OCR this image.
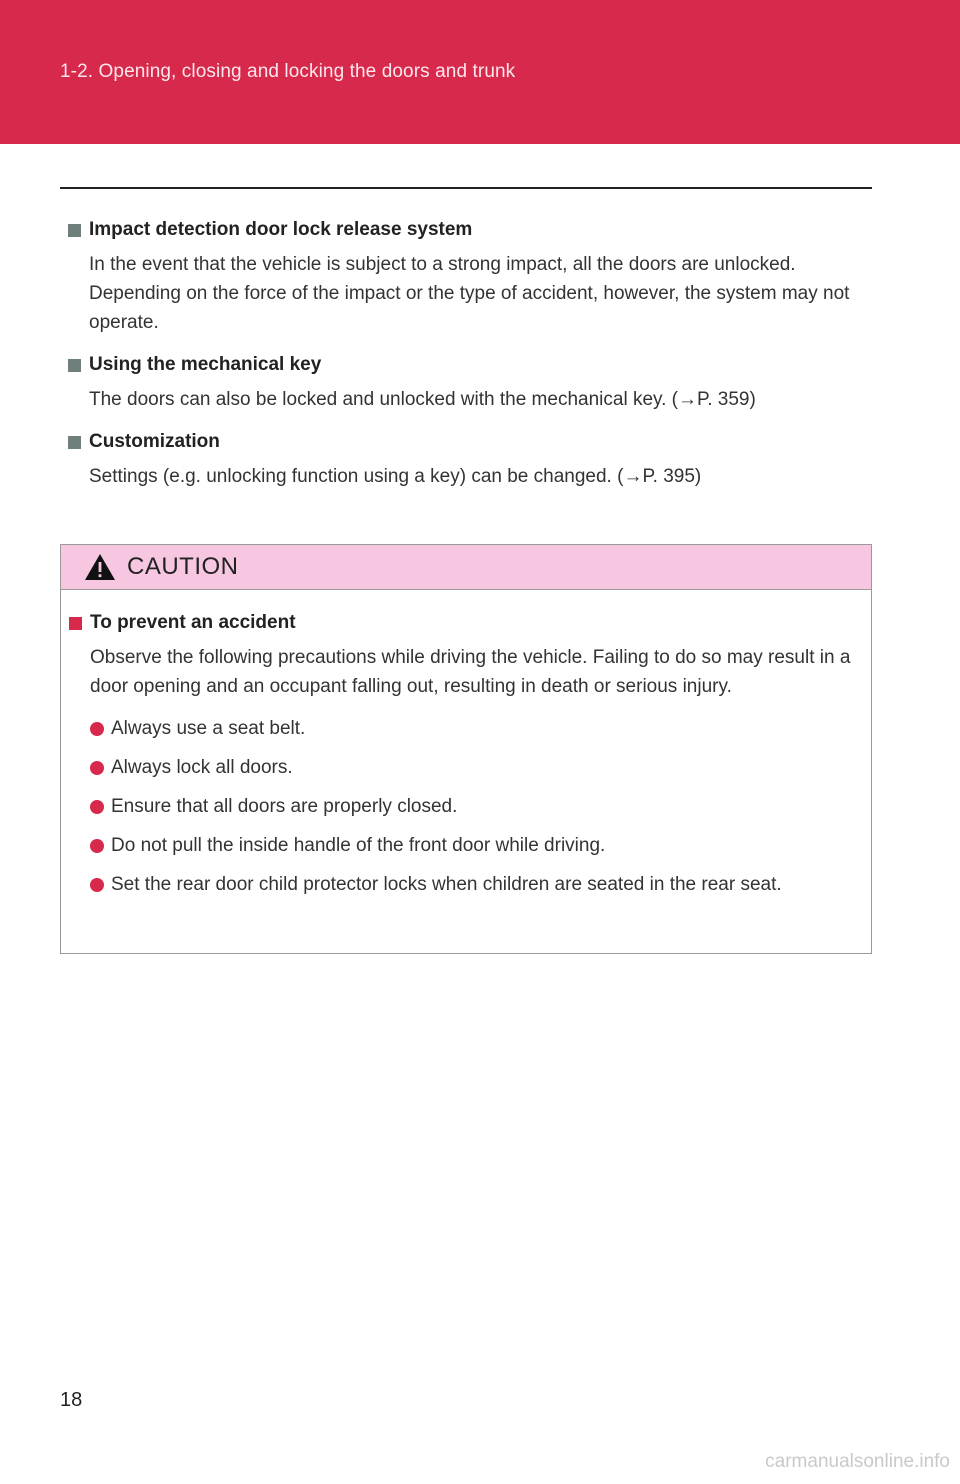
1-2. Opening, closing and locking the doors and trunk
Impact detection door lock release system
In the event that the vehicle is subject to a strong impact, all the doors are unlocked. Depending on the force of the impact or the type of accident, however, the system may not operate.
Using the mechanical key
The doors can also be locked and unlocked with the mechanical key. (→P. 359)
Customization
Settings (e.g. unlocking function using a key) can be changed. (→P. 395)
CAUTION
To prevent an accident
Observe the following precautions while driving the vehicle. Failing to do so may result in a door opening and an occupant falling out, resulting in death or serious injury.
Always use a seat belt.
Always lock all doors.
Ensure that all doors are properly closed.
Do not pull the inside handle of the front door while driving.
Set the rear door child protector locks when children are seated in the rear seat.
18
carmanualsonline.info
